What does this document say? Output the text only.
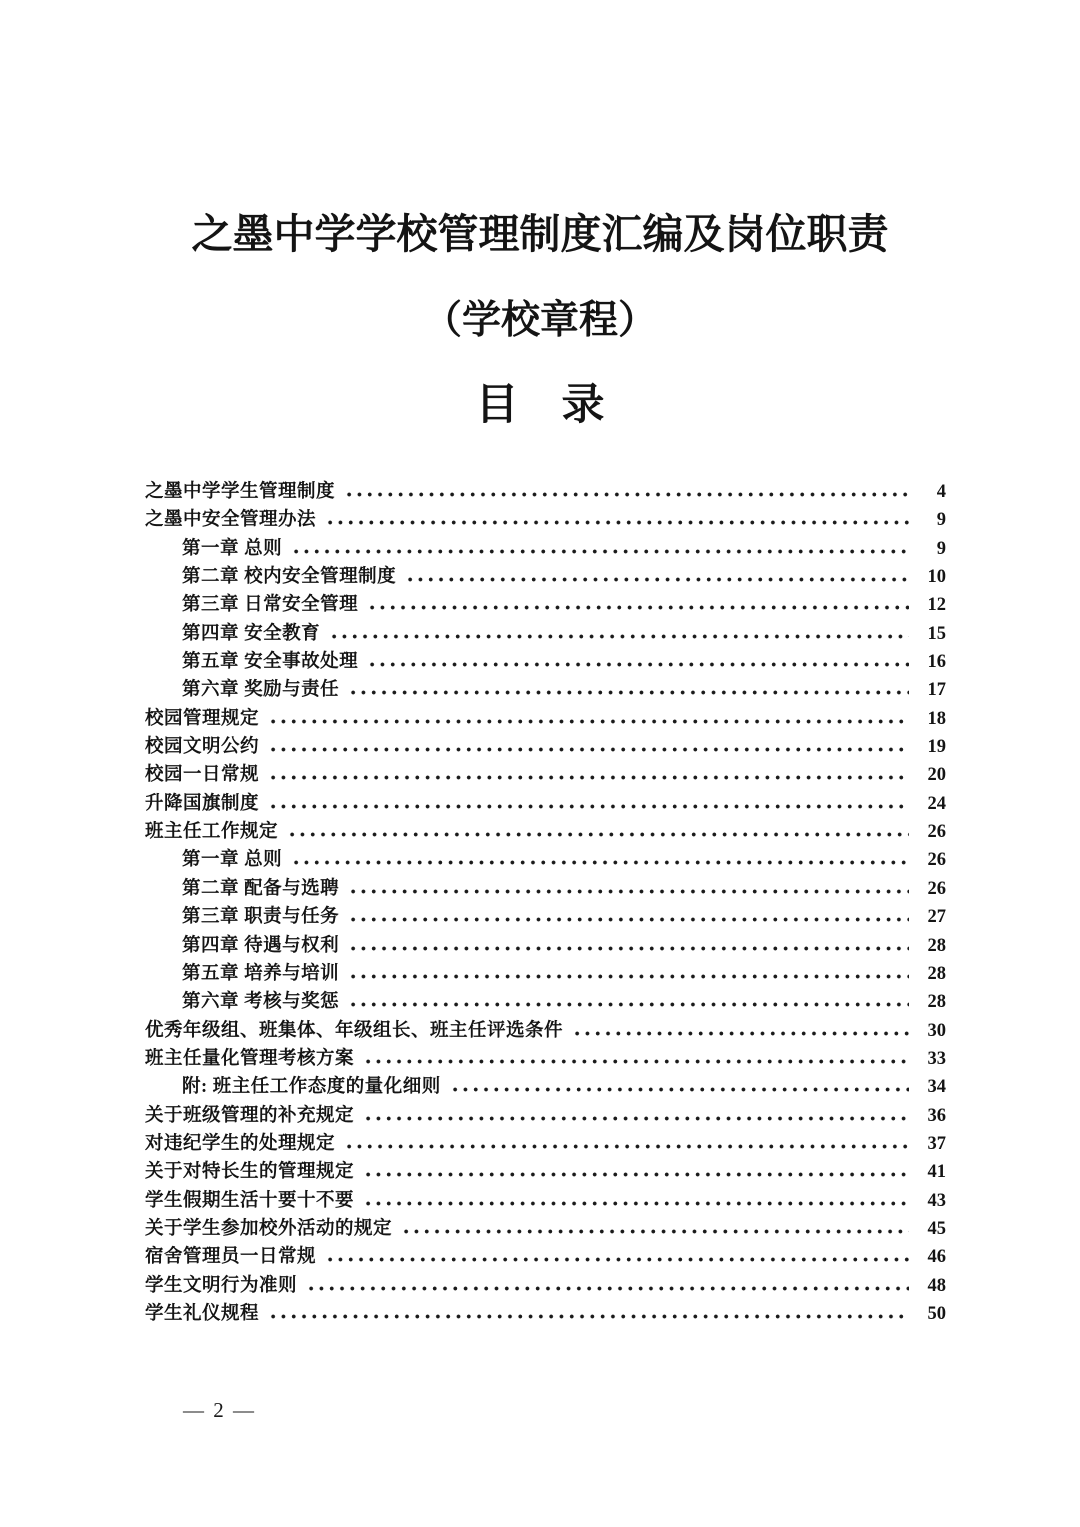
之墨中学学校管理制度汇编及岗位职责
（学校章程）
目　录
之墨中学学生管理制度	4
之墨中安全管理办法	9
第一章 总则	9
第二章 校内安全管理制度	10
第三章 日常安全管理	12
第四章 安全教育	15
第五章 安全事故处理	16
第六章 奖励与责任	17
校园管理规定	18
校园文明公约	19
校园一日常规	20
升降国旗制度	24
班主任工作规定	26
第一章 总则	26
第二章 配备与选聘	26
第三章 职责与任务	27
第四章 待遇与权利	28
第五章 培养与培训	28
第六章 考核与奖惩	28
优秀年级组、班集体、年级组长、班主任评选条件	30
班主任量化管理考核方案	33
附: 班主任工作态度的量化细则	34
关于班级管理的补充规定	36
对违纪学生的处理规定	37
关于对特长生的管理规定	41
学生假期生活十要十不要	43
关于学生参加校外活动的规定	45
宿舍管理员一日常规	46
学生文明行为准则	48
学生礼仪规程	50
— 2 —
